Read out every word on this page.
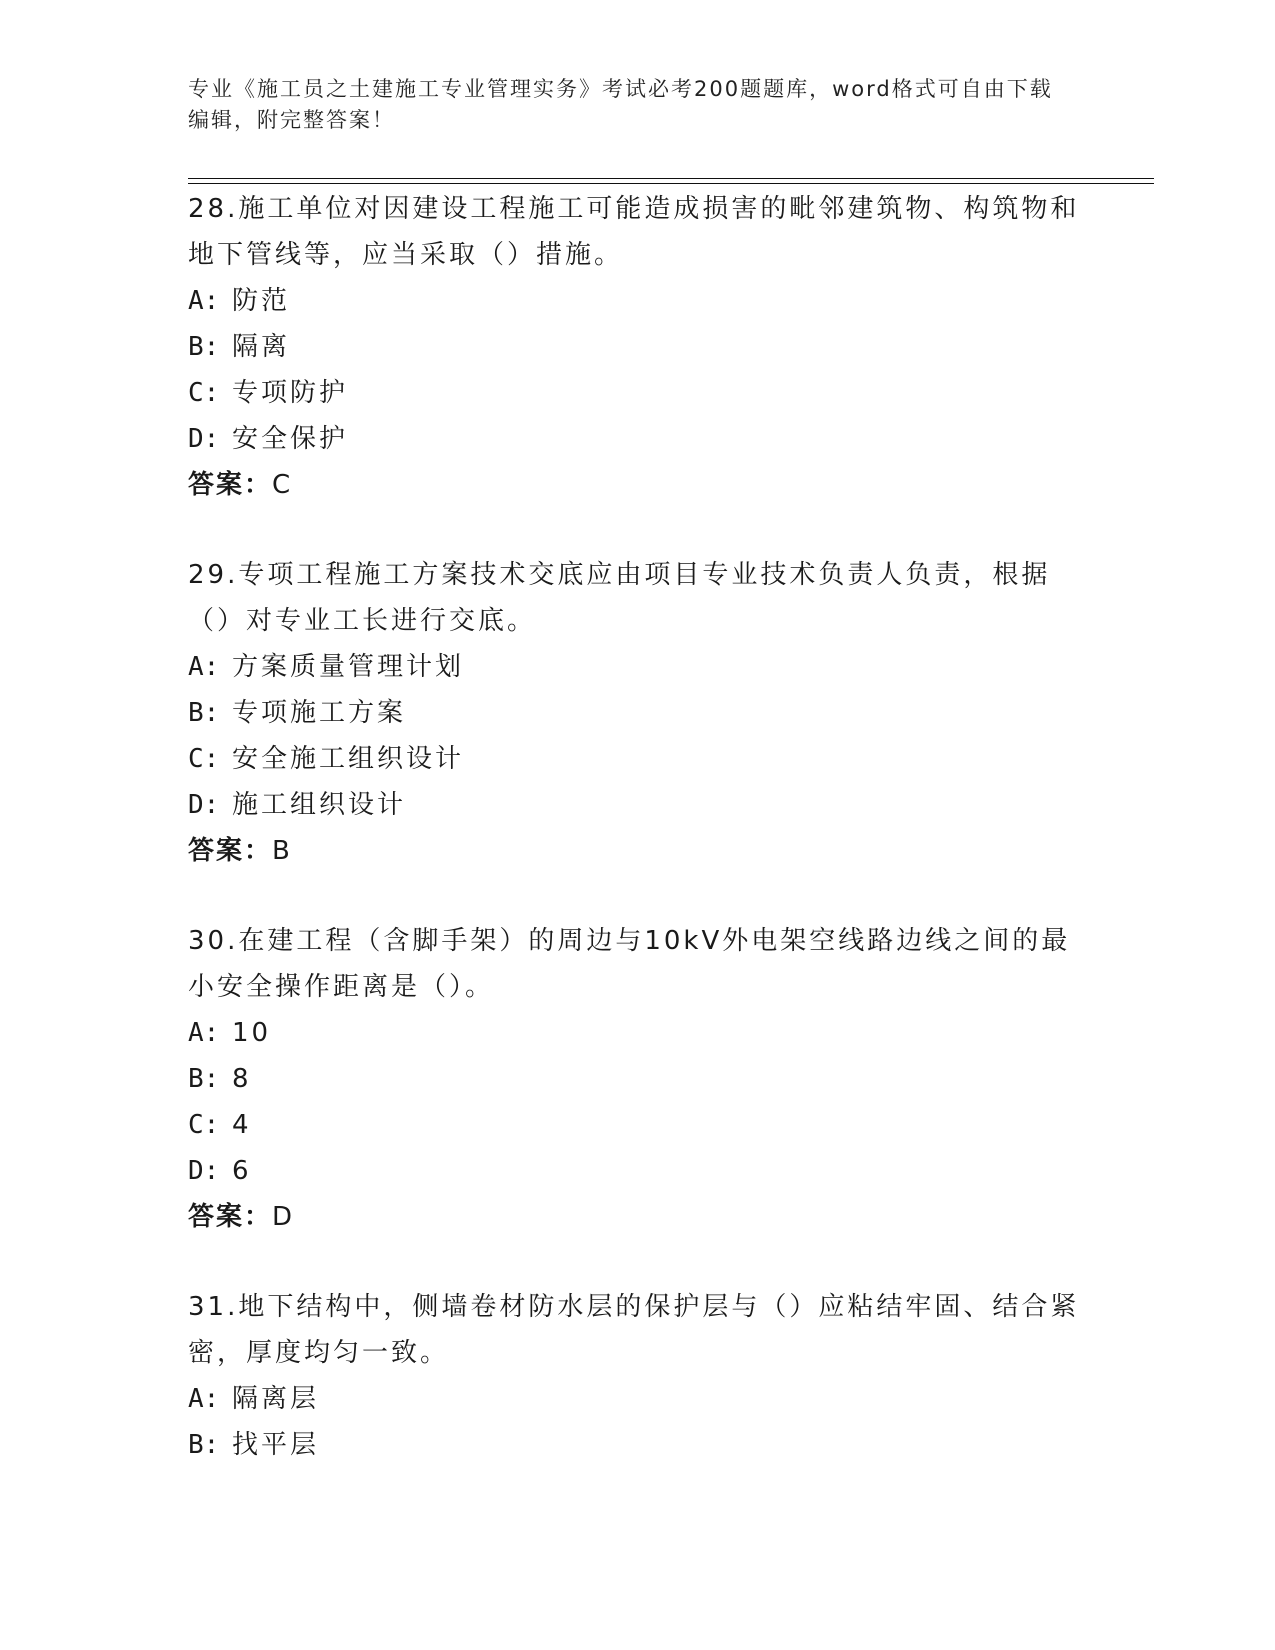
专业《施工员之土建施工专业管理实务》考试必考200题题库，word格式可自由下载编辑，附完整答案！

28.施工单位对因建设工程施工可能造成损害的毗邻建筑物、构筑物和地下管线等，应当采取（）措施。

A: 防范
B: 隔离
C: 专项防护
D: 安全保护
答案：C

29.专项工程施工方案技术交底应由项目专业技术负责人负责，根据（）对专业工长进行交底。

A: 方案质量管理计划
B: 专项施工方案
C: 安全施工组织设计
D: 施工组织设计
答案：B

30.在建工程（含脚手架）的周边与10kV外电架空线路边线之间的最小安全操作距离是（）。

A: 10
B: 8
C: 4
D: 6
答案：D

31.地下结构中，侧墙卷材防水层的保护层与（）应粘结牢固、结合紧密，厚度均匀一致。

A: 隔离层
B: 找平层
